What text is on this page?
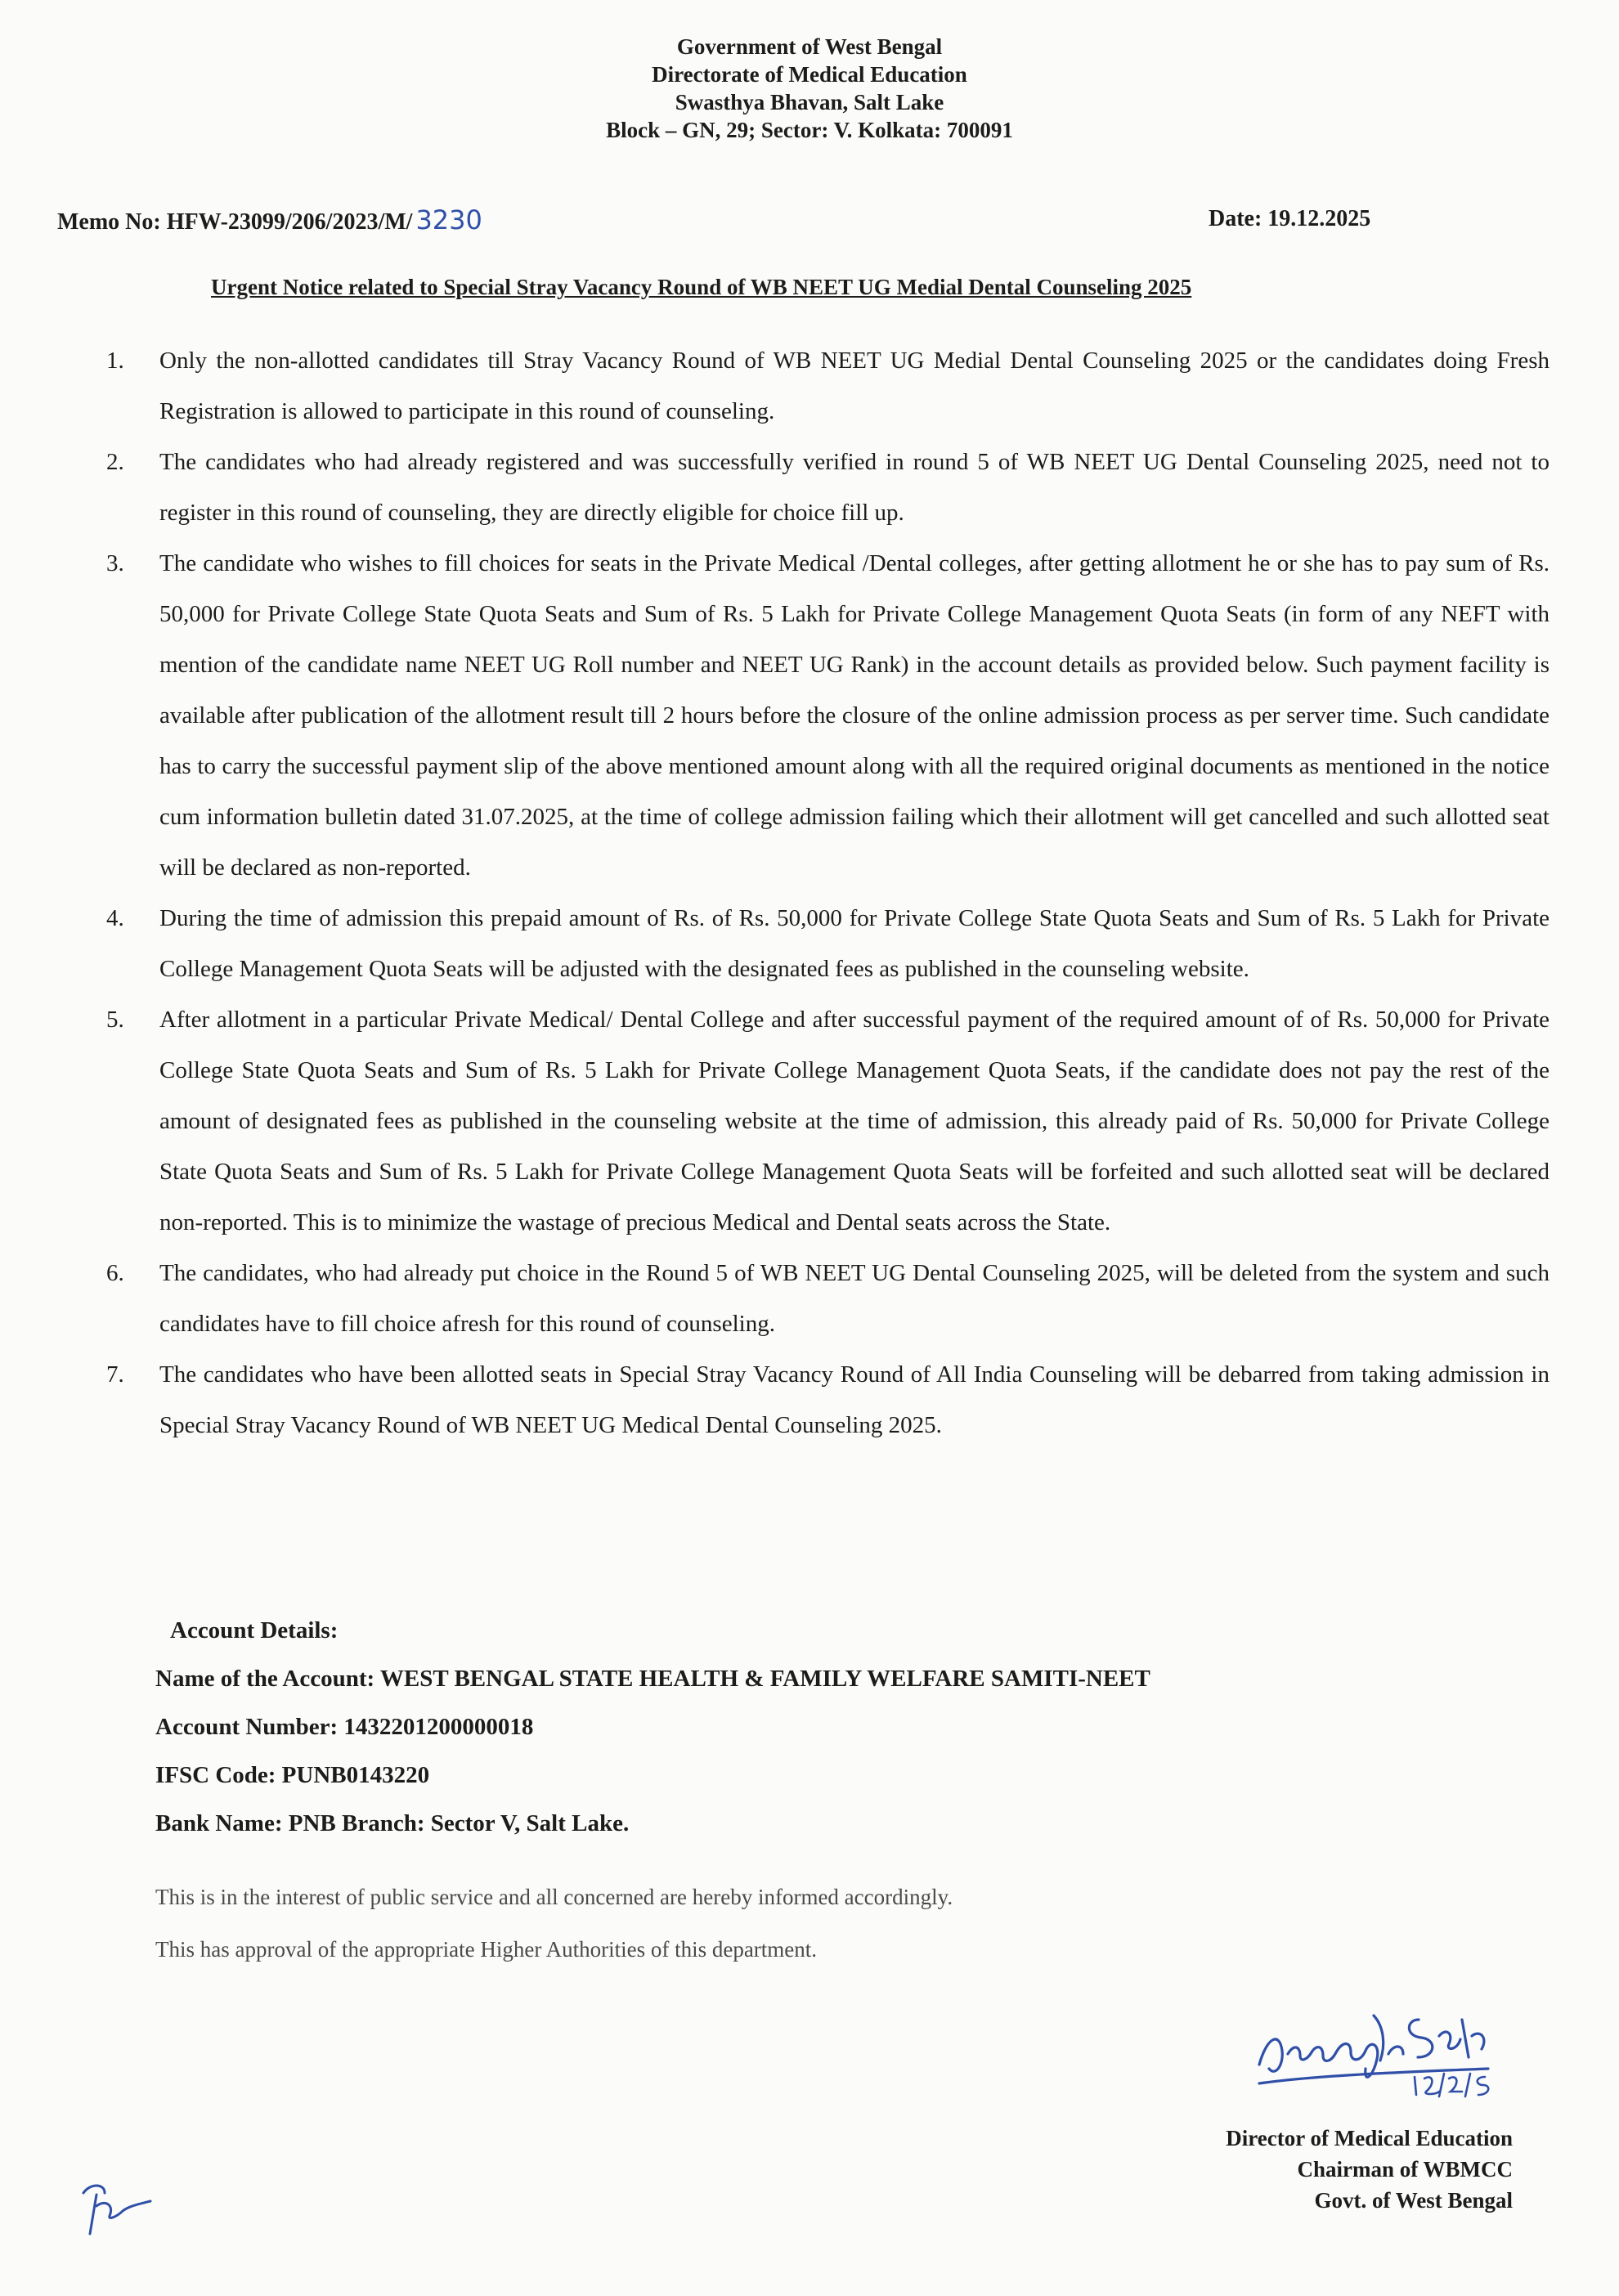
Government of West Bengal
Directorate of Medical Education
Swasthya Bhavan, Salt Lake
Block – GN, 29; Sector: V. Kolkata: 700091
Memo No: HFW-23099/206/2023/M/ 3230	Date: 19.12.2025
Urgent Notice related to Special Stray Vacancy Round of WB NEET UG Medial Dental Counseling 2025
1. Only the non-allotted candidates till Stray Vacancy Round of WB NEET UG Medial Dental Counseling 2025 or the candidates doing Fresh Registration is allowed to participate in this round of counseling.
2. The candidates who had already registered and was successfully verified in round 5 of WB NEET UG Dental Counseling 2025, need not to register in this round of counseling, they are directly eligible for choice fill up.
3. The candidate who wishes to fill choices for seats in the Private Medical /Dental colleges, after getting allotment he or she has to pay sum of Rs. 50,000 for Private College State Quota Seats and Sum of Rs. 5 Lakh for Private College Management Quota Seats (in form of any NEFT with mention of the candidate name NEET UG Roll number and NEET UG Rank) in the account details as provided below. Such payment facility is available after publication of the allotment result till 2 hours before the closure of the online admission process as per server time. Such candidate has to carry the successful payment slip of the above mentioned amount along with all the required original documents as mentioned in the notice cum information bulletin dated 31.07.2025, at the time of college admission failing which their allotment will get cancelled and such allotted seat will be declared as non-reported.
4. During the time of admission this prepaid amount of Rs. of Rs. 50,000 for Private College State Quota Seats and Sum of Rs. 5 Lakh for Private College Management Quota Seats will be adjusted with the designated fees as published in the counseling website.
5. After allotment in a particular Private Medical/ Dental College and after successful payment of the required amount of of Rs. 50,000 for Private College State Quota Seats and Sum of Rs. 5 Lakh for Private College Management Quota Seats, if the candidate does not pay the rest of the amount of designated fees as published in the counseling website at the time of admission, this already paid of Rs. 50,000 for Private College State Quota Seats and Sum of Rs. 5 Lakh for Private College Management Quota Seats will be forfeited and such allotted seat will be declared non-reported. This is to minimize the wastage of precious Medical and Dental seats across the State.
6. The candidates, who had already put choice in the Round 5 of WB NEET UG Dental Counseling 2025, will be deleted from the system and such candidates have to fill choice afresh for this round of counseling.
7. The candidates who have been allotted seats in Special Stray Vacancy Round of All India Counseling will be debarred from taking admission in Special Stray Vacancy Round of WB NEET UG Medical Dental Counseling 2025.
Account Details:
Name of the Account: WEST BENGAL STATE HEALTH & FAMILY WELFARE SAMITI-NEET
Account Number: 1432201200000018
IFSC Code: PUNB0143220
Bank Name: PNB Branch: Sector V, Salt Lake.
This is in the interest of public service and all concerned are hereby informed accordingly.
This has approval of the appropriate Higher Authorities of this department.
Director of Medical Education
Chairman of WBMCC
Govt. of West Bengal
